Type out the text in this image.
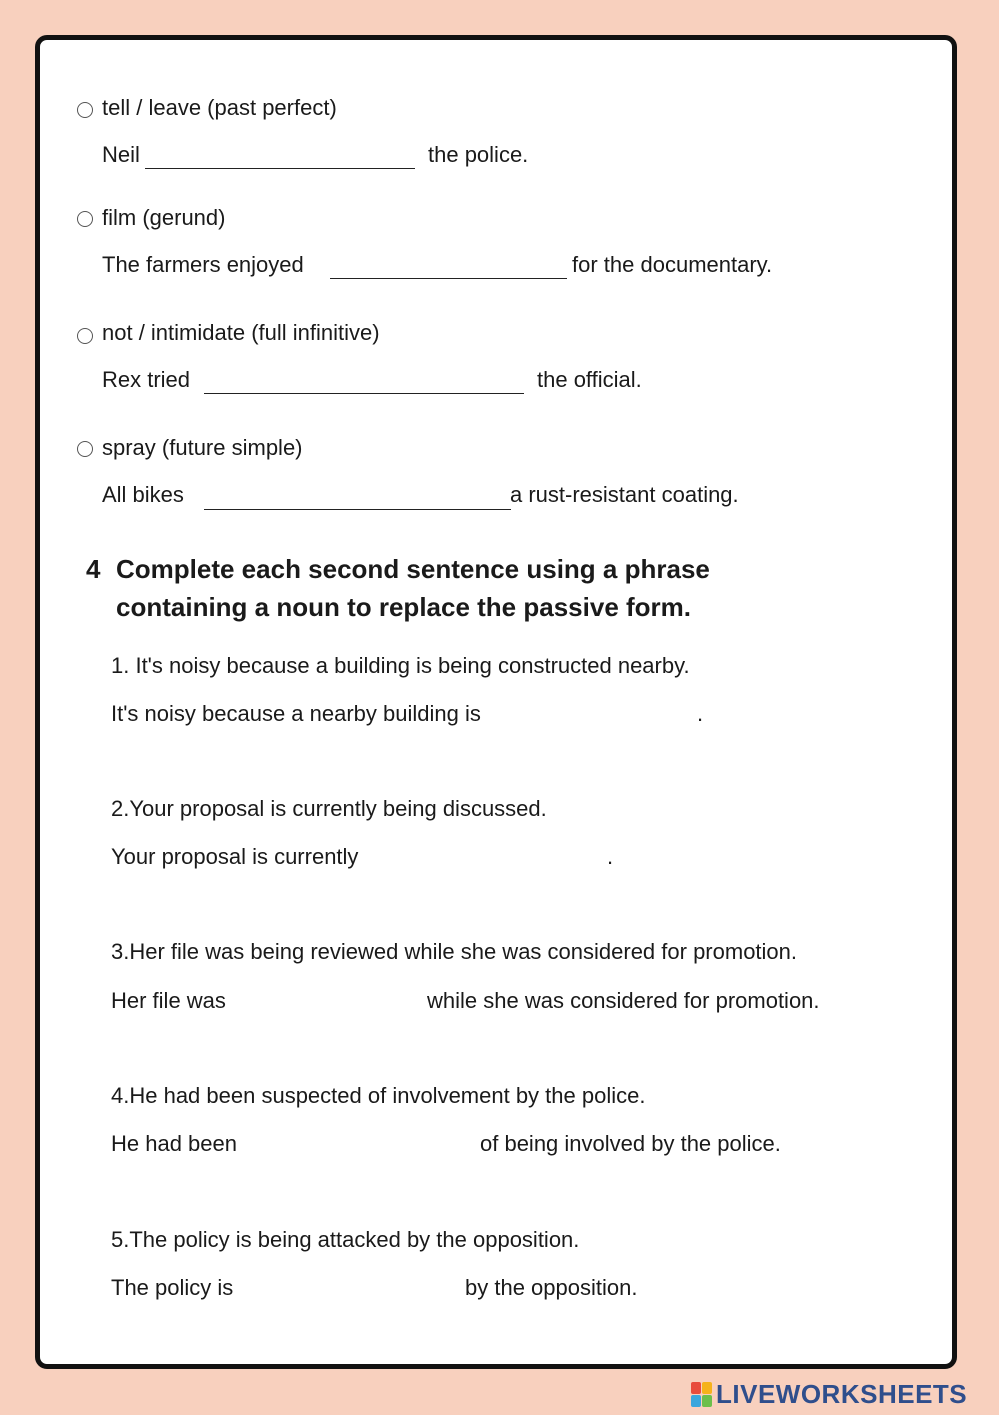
tell / leave (past perfect)
Neil	the police.
film (gerund)
The farmers enjoyed	for the documentary.
not / intimidate (full infinitive)
Rex tried	the official.
spray (future simple)
All bikes	a rust-resistant coating.
4 Complete each second sentence using a phrase
containing a noun to replace the passive form.
1. It's noisy because a building is being constructed nearby.
It's noisy because a nearby building is	.
2.Your proposal is currently being discussed.
Your proposal is currently	.
3.Her file was being reviewed while she was considered for promotion.
Her file was	while she was considered for promotion.
4.He had been suspected of involvement by the police.
He had been	of being involved by the police.
5.The policy is being attacked by the opposition.
The policy is	by the opposition.
LIVEWORKSHEETS
